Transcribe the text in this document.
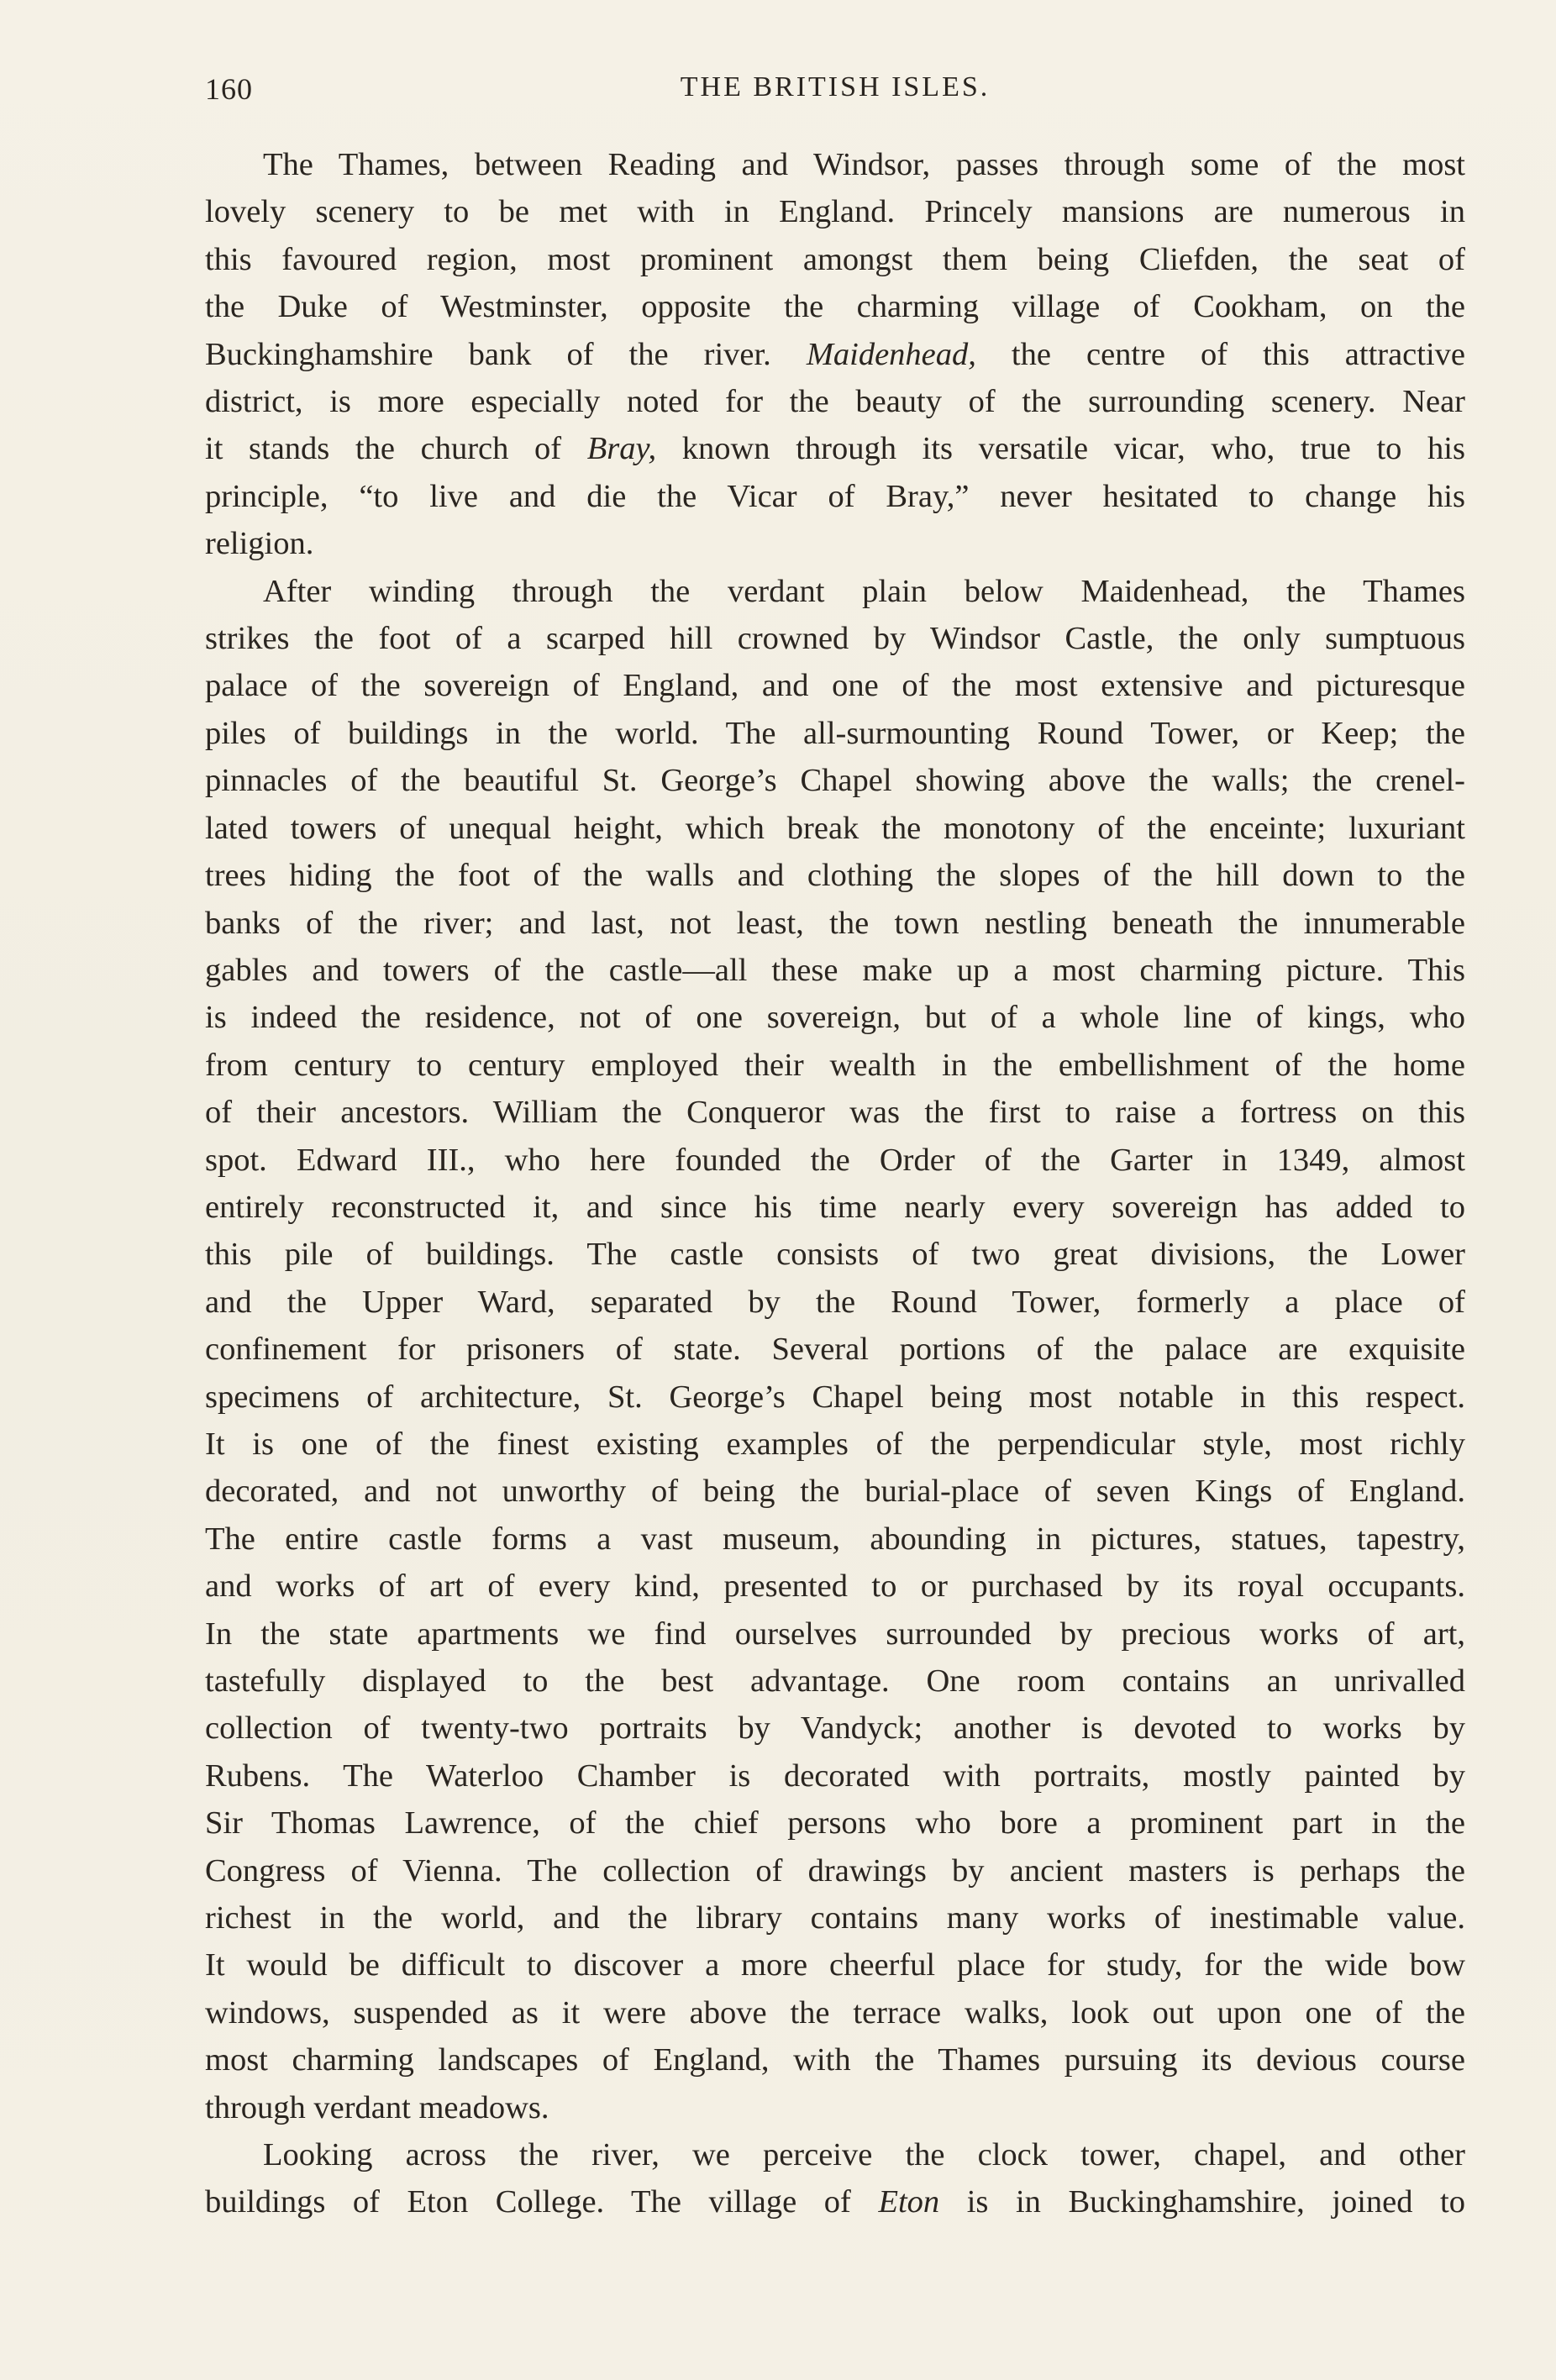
160	THE BRITISH ISLES.
The Thames, between Reading and Windsor, passes through some of the most
lovely scenery to be met with in England. Princely mansions are numerous in
this favoured region, most prominent amongst them being Cliefden, the seat of
the Duke of Westminster, opposite the charming village of Cookham, on the
Buckinghamshire bank of the river. Maidenhead, the centre of this attractive
district, is more especially noted for the beauty of the surrounding scenery. Near
it stands the church of Bray, known through its versatile vicar, who, true to his
principle, “to live and die the Vicar of Bray,” never hesitated to change his
religion.
After winding through the verdant plain below Maidenhead, the Thames
strikes the foot of a scarped hill crowned by Windsor Castle, the only sumptuous
palace of the sovereign of England, and one of the most extensive and picturesque
piles of buildings in the world. The all-surmounting Round Tower, or Keep; the
pinnacles of the beautiful St. George’s Chapel showing above the walls; the crenel-
lated towers of unequal height, which break the monotony of the enceinte; luxuriant
trees hiding the foot of the walls and clothing the slopes of the hill down to the
banks of the river; and last, not least, the town nestling beneath the innumerable
gables and towers of the castle—all these make up a most charming picture. This
is indeed the residence, not of one sovereign, but of a whole line of kings, who
from century to century employed their wealth in the embellishment of the home
of their ancestors. William the Conqueror was the first to raise a fortress on this
spot. Edward III., who here founded the Order of the Garter in 1349, almost
entirely reconstructed it, and since his time nearly every sovereign has added to
this pile of buildings. The castle consists of two great divisions, the Lower
and the Upper Ward, separated by the Round Tower, formerly a place of
confinement for prisoners of state. Several portions of the palace are exquisite
specimens of architecture, St. George’s Chapel being most notable in this respect.
It is one of the finest existing examples of the perpendicular style, most richly
decorated, and not unworthy of being the burial-place of seven Kings of England.
The entire castle forms a vast museum, abounding in pictures, statues, tapestry,
and works of art of every kind, presented to or purchased by its royal occupants.
In the state apartments we find ourselves surrounded by precious works of art,
tastefully displayed to the best advantage. One room contains an unrivalled
collection of twenty-two portraits by Vandyck; another is devoted to works by
Rubens. The Waterloo Chamber is decorated with portraits, mostly painted by
Sir Thomas Lawrence, of the chief persons who bore a prominent part in the
Congress of Vienna. The collection of drawings by ancient masters is perhaps the
richest in the world, and the library contains many works of inestimable value.
It would be difficult to discover a more cheerful place for study, for the wide bow
windows, suspended as it were above the terrace walks, look out upon one of the
most charming landscapes of England, with the Thames pursuing its devious course
through verdant meadows.
Looking across the river, we perceive the clock tower, chapel, and other
buildings of Eton College. The village of Eton is in Buckinghamshire, joined to
